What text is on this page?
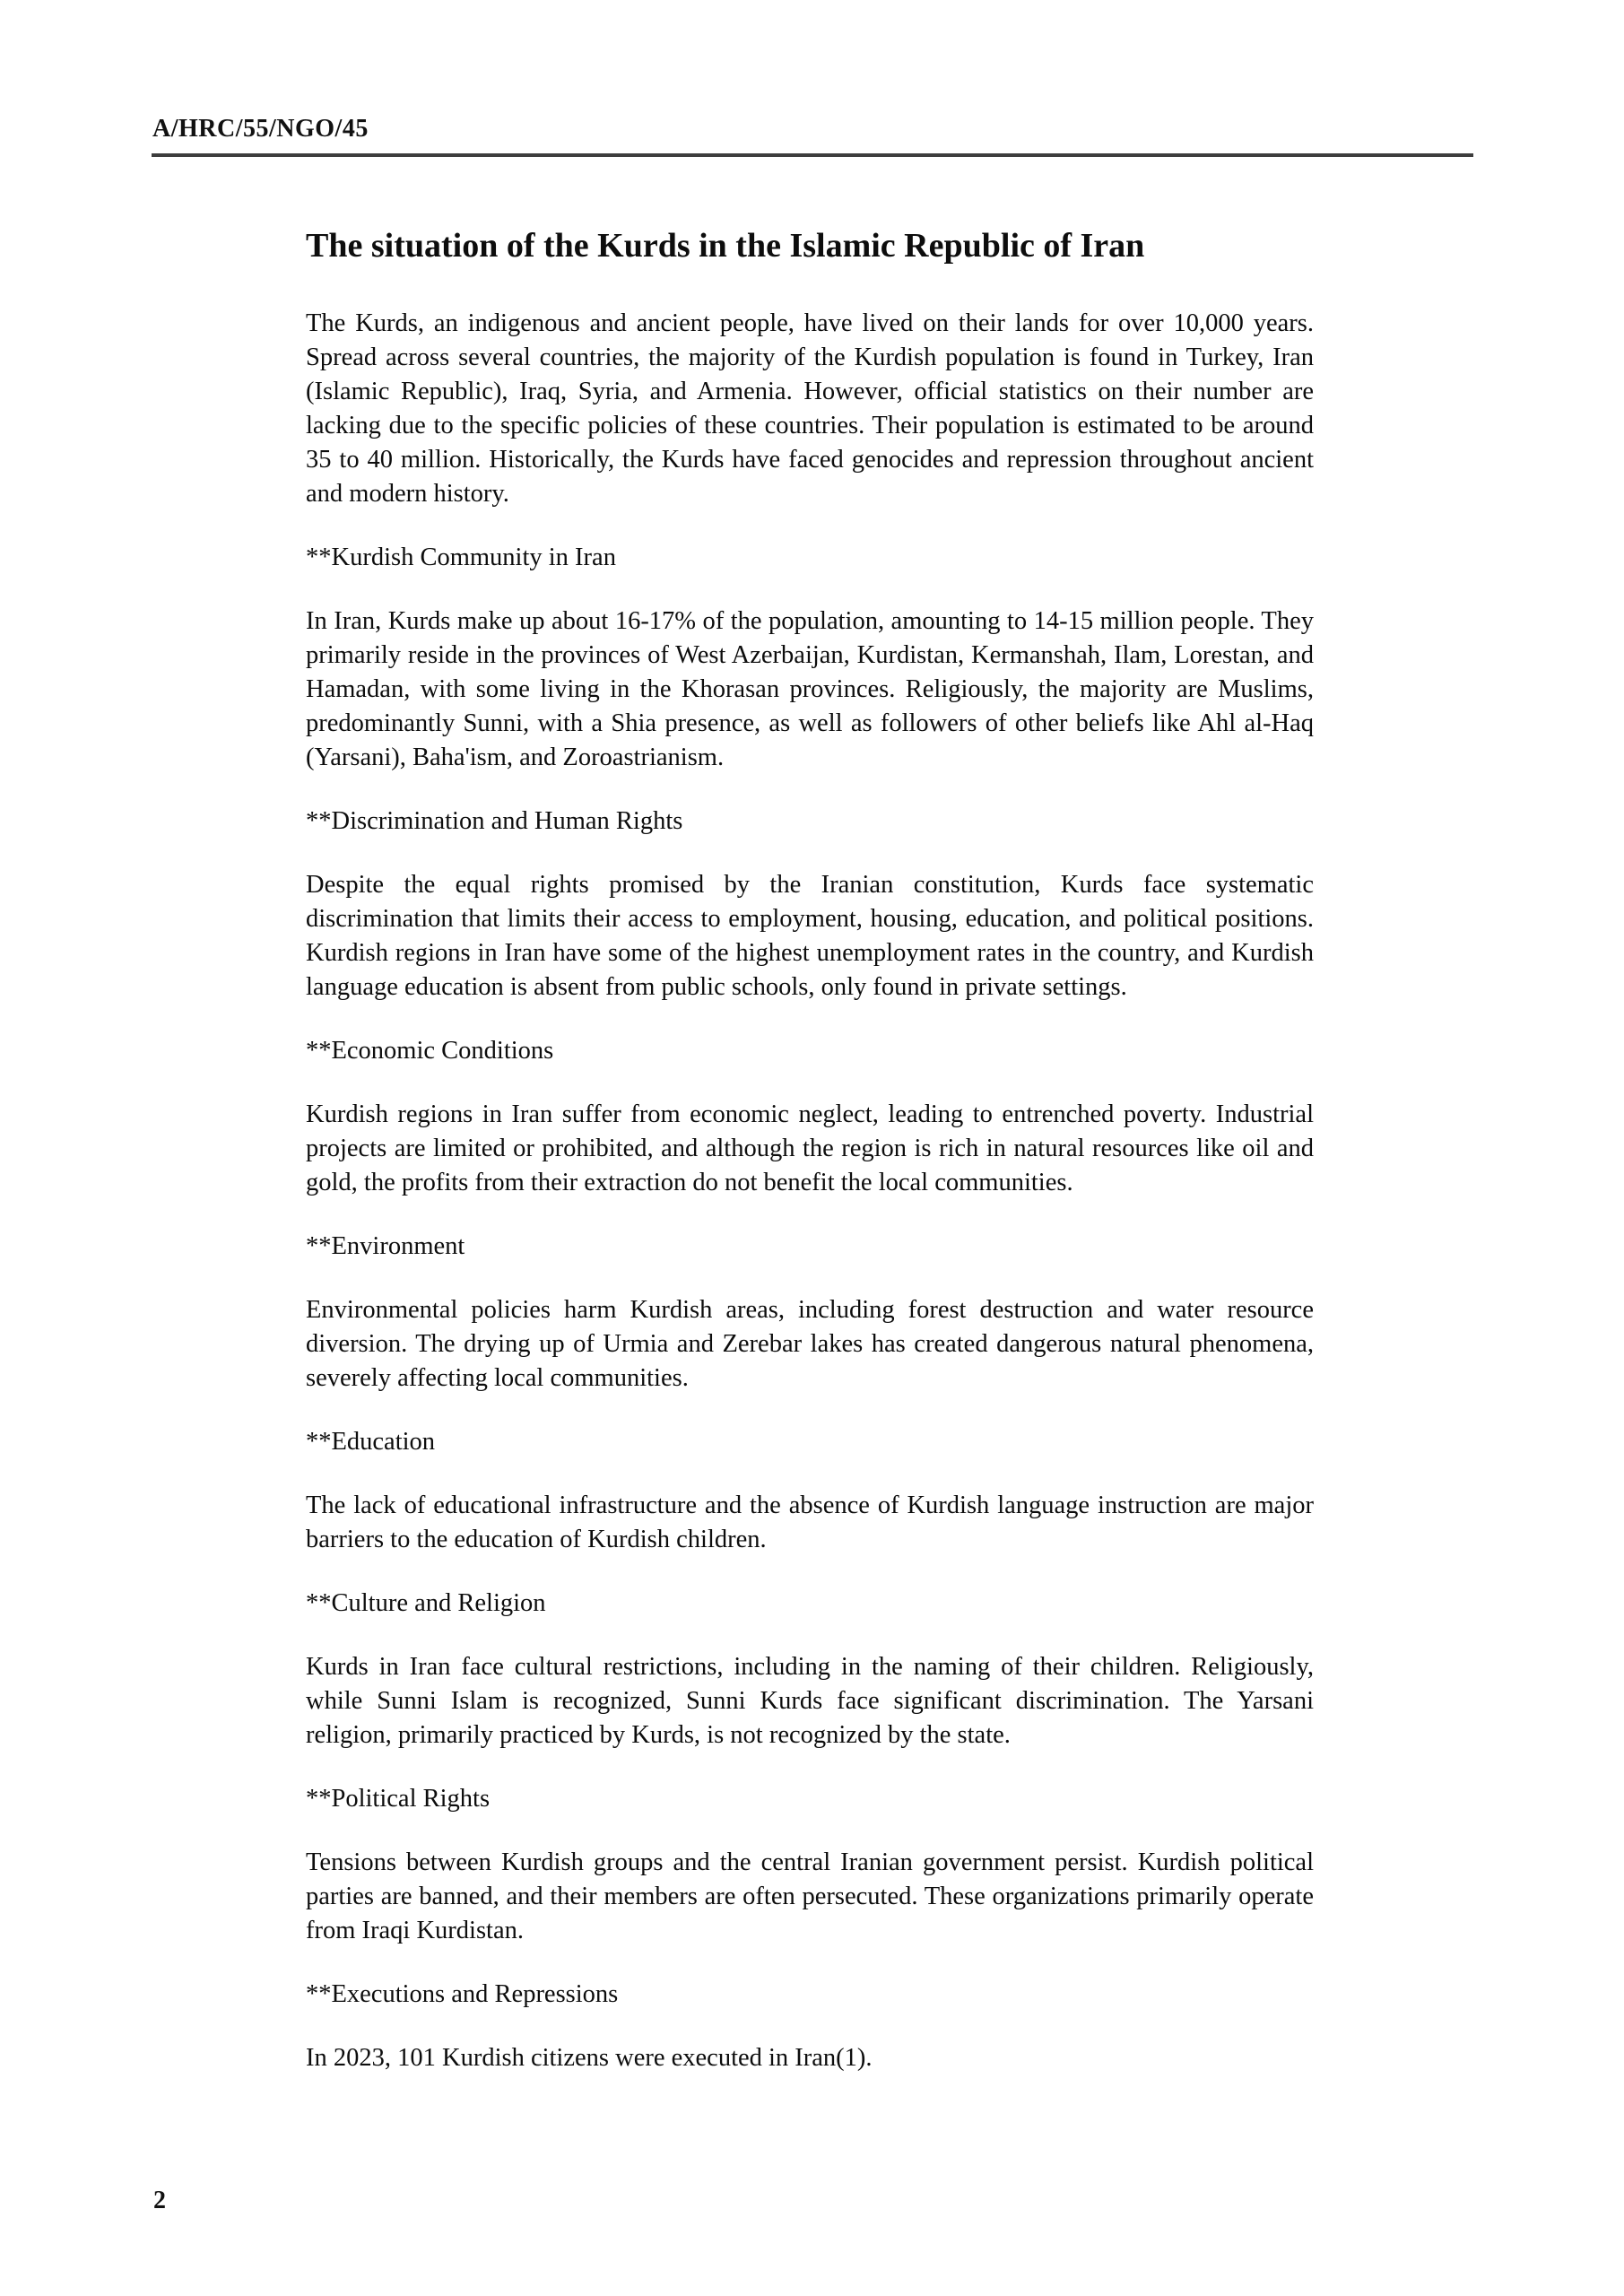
A/HRC/55/NGO/45
The situation of the Kurds in the Islamic Republic of Iran

The Kurds, an indigenous and ancient people, have lived on their lands for over 10,000 years. Spread across several countries, the majority of the Kurdish population is found in Turkey, Iran (Islamic Republic), Iraq, Syria, and Armenia. However, official statistics on their number are lacking due to the specific policies of these countries. Their population is estimated to be around 35 to 40 million. Historically, the Kurds have faced genocides and repression throughout ancient and modern history.

**Kurdish Community in Iran

In Iran, Kurds make up about 16-17% of the population, amounting to 14-15 million people. They primarily reside in the provinces of West Azerbaijan, Kurdistan, Kermanshah, Ilam, Lorestan, and Hamadan, with some living in the Khorasan provinces. Religiously, the majority are Muslims, predominantly Sunni, with a Shia presence, as well as followers of other beliefs like Ahl al-Haq (Yarsani), Baha'ism, and Zoroastrianism.

**Discrimination and Human Rights

Despite the equal rights promised by the Iranian constitution, Kurds face systematic discrimination that limits their access to employment, housing, education, and political positions. Kurdish regions in Iran have some of the highest unemployment rates in the country, and Kurdish language education is absent from public schools, only found in private settings.

**Economic Conditions

Kurdish regions in Iran suffer from economic neglect, leading to entrenched poverty. Industrial projects are limited or prohibited, and although the region is rich in natural resources like oil and gold, the profits from their extraction do not benefit the local communities.

**Environment

Environmental policies harm Kurdish areas, including forest destruction and water resource diversion. The drying up of Urmia and Zerebar lakes has created dangerous natural phenomena, severely affecting local communities.

**Education

The lack of educational infrastructure and the absence of Kurdish language instruction are major barriers to the education of Kurdish children.

**Culture and Religion

Kurds in Iran face cultural restrictions, including in the naming of their children. Religiously, while Sunni Islam is recognized, Sunni Kurds face significant discrimination. The Yarsani religion, primarily practiced by Kurds, is not recognized by the state.

**Political Rights

Tensions between Kurdish groups and the central Iranian government persist. Kurdish political parties are banned, and their members are often persecuted. These organizations primarily operate from Iraqi Kurdistan.

**Executions and Repressions

In 2023, 101 Kurdish citizens were executed in Iran(1).

2
